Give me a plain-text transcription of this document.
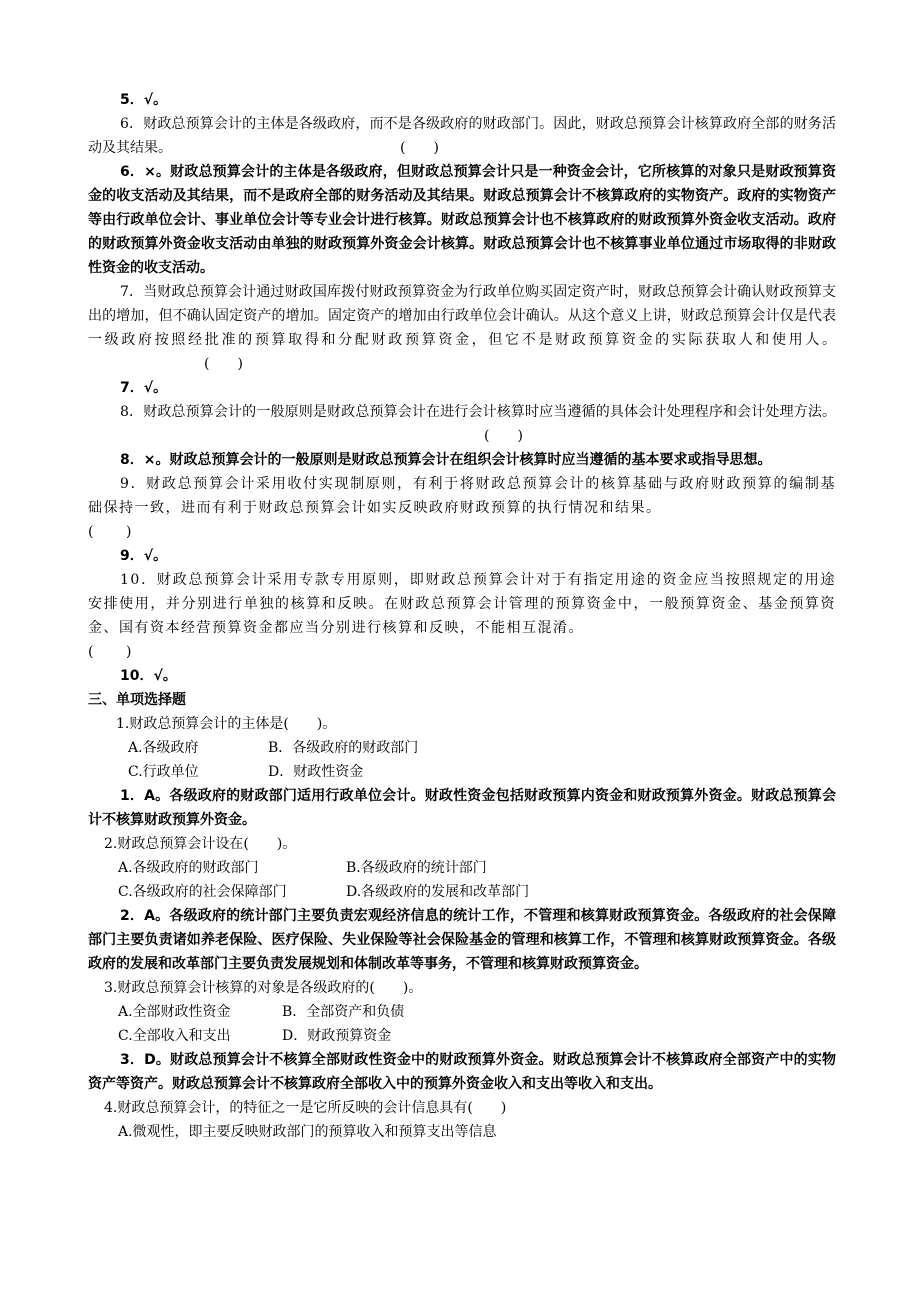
5．√。

6．财政总预算会计的主体是各级政府，而不是各级政府的财政部门。因此，财政总预算会计核算政府全部的财务活动及其结果。	(　　)

6．×。财政总预算会计的主体是各级政府，但财政总预算会计只是一种资金会计，它所核算的对象只是财政预算资金的收支活动及其结果，而不是政府全部的财务活动及其结果。财政总预算会计不核算政府的实物资产。政府的实物资产等由行政单位会计、事业单位会计等专业会计进行核算。财政总预算会计也不核算政府的财政预算外资金收支活动。政府的财政预算外资金收支活动由单独的财政预算外资金会计核算。财政总预算会计也不核算事业单位通过市场取得的非财政性资金的收支活动。

7．当财政总预算会计通过财政国库拨付财政预算资金为行政单位购买固定资产时，财政总预算会计确认财政预算支出的增加，但不确认固定资产的增加。固定资产的增加由行政单位会计确认。从这个意义上讲，财政总预算会计仅是代表一级政府按照经批准的预算取得和分配财政预算资金，但它不是财政预算资金的实际获取人和使用人。(　　)

7．√。

8．财政总预算会计的一般原则是财政总预算会计在进行会计核算时应当遵循的具体会计处理程序和会计处理方法。(　　)

8．×。财政总预算会计的一般原则是财政总预算会计在组织会计核算时应当遵循的基本要求或指导思想。

9．财政总预算会计采用收付实现制原则，有利于将财政总预算会计的核算基础与政府财政预算的编制基础保持一致，进而有利于财政总预算会计如实反映政府财政预算的执行情况和结果。
(　　)

9．√。

10．财政总预算会计采用专款专用原则，即财政总预算会计对于有指定用途的资金应当按照规定的用途安排使用，并分别进行单独的核算和反映。在财政总预算会计管理的预算资金中，一般预算资金、基金预算资金、国有资本经营预算资金都应当分别进行核算和反映，不能相互混淆。
(　　)

10．√。

三、单项选择题

1.财政总预算会计的主体是(　　)。

A.各级政府	B．各级政府的财政部门

C.行政单位	D．财政性资金

1．A。各级政府的财政部门适用行政单位会计。财政性资金包括财政预算内资金和财政预算外资金。财政总预算会计不核算财政预算外资金。

2.财政总预算会计设在(　　)。

A.各级政府的财政部门	B.各级政府的统计部门

C.各级政府的社会保障部门	D.各级政府的发展和改革部门

2．A。各级政府的统计部门主要负责宏观经济信息的统计工作，不管理和核算财政预算资金。各级政府的社会保障部门主要负责诸如养老保险、医疗保险、失业保险等社会保险基金的管理和核算工作，不管理和核算财政预算资金。各级政府的发展和改革部门主要负责发展规划和体制改革等事务，不管理和核算财政预算资金。

3.财政总预算会计核算的对象是各级政府的(　　)。

A.全部财政性资金	B．全部资产和负债

C.全部收入和支出	D．财政预算资金

3．D。财政总预算会计不核算全部财政性资金中的财政预算外资金。财政总预算会计不核算政府全部资产中的实物资产等资产。财政总预算会计不核算政府全部收入中的预算外资金收入和支出等收入和支出。

4.财政总预算会计，的特征之一是它所反映的会计信息具有(　　)

A.微观性，即主要反映财政部门的预算收入和预算支出等信息
